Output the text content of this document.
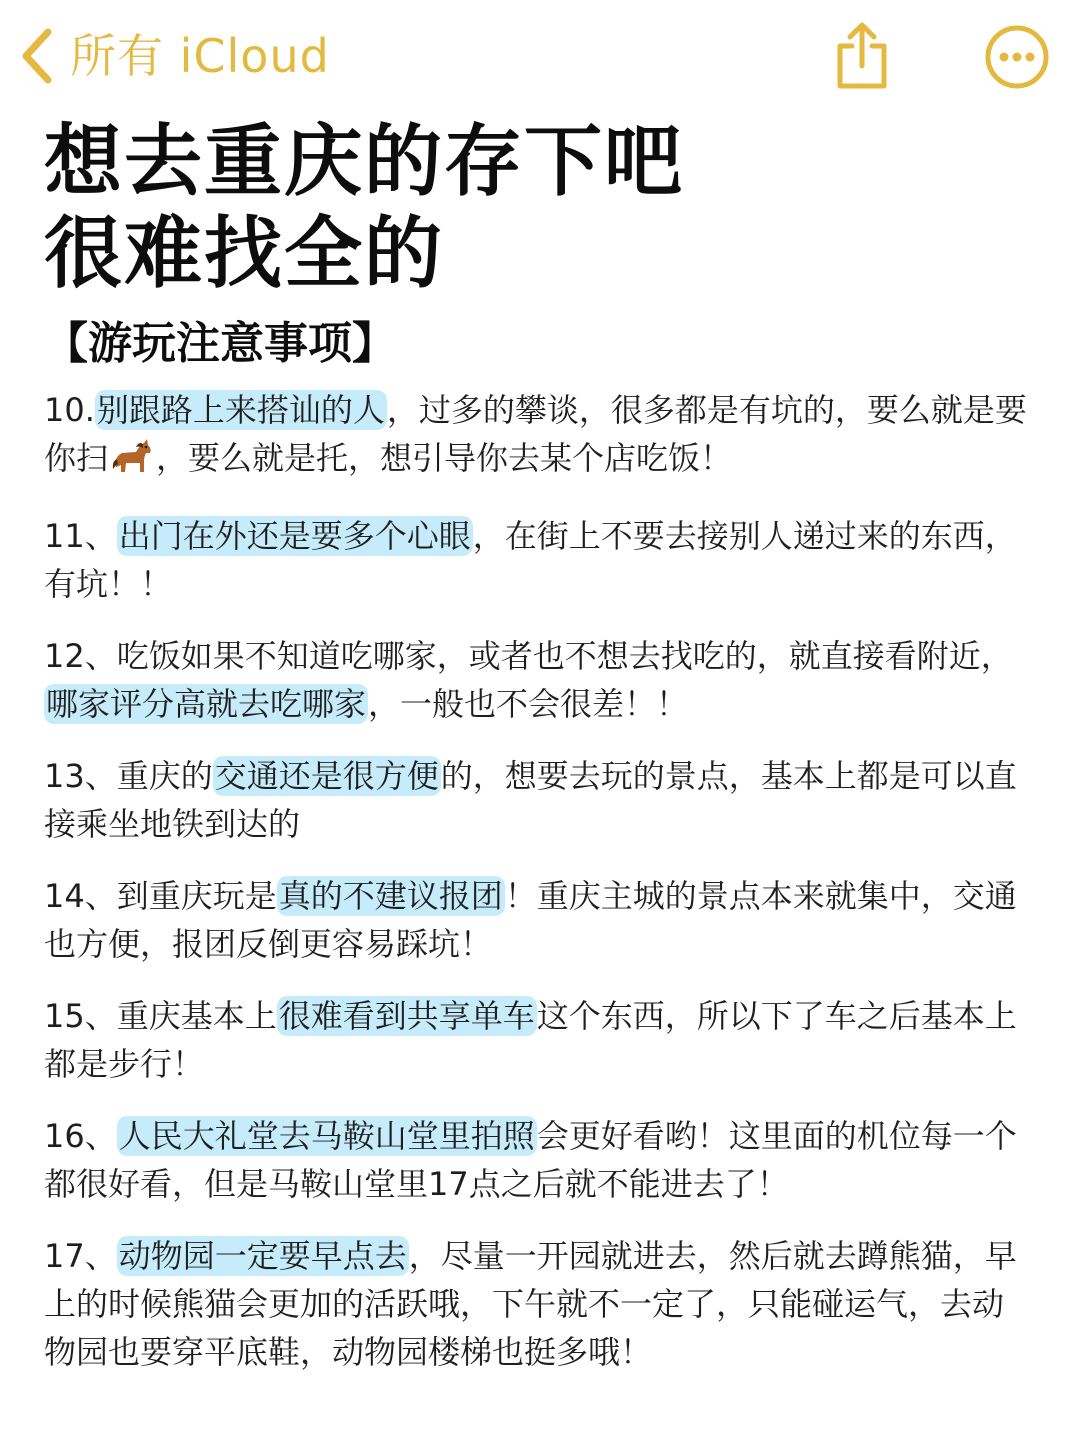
所有 iCloud
想去重庆的存下吧
很难找全的
【游玩注意事项】

10.别跟路上来搭讪的人，过多的攀谈，很多都是有坑的，要么就是要你扫 ，要么就是托，想引导你去某个店吃饭！

11、出门在外还是要多个心眼，在街上不要去接别人递过来的东西，有坑！！

12、吃饭如果不知道吃哪家，或者也不想去找吃的，就直接看附近，哪家评分高就去吃哪家，一般也不会很差！！

13、重庆的交通还是很方便的，想要去玩的景点，基本上都是可以直接乘坐地铁到达的

14、到重庆玩是真的不建议报团！重庆主城的景点本来就集中，交通也方便，报团反倒更容易踩坑！

15、重庆基本上很难看到共享单车这个东西，所以下了车之后基本上都是步行！

16、人民大礼堂去马鞍山堂里拍照会更好看哟！这里面的机位每一个都很好看，但是马鞍山堂里17点之后就不能进去了！

17、动物园一定要早点去，尽量一开园就进去，然后就去蹲熊猫，早上的时候熊猫会更加的活跃哦，下午就不一定了，只能碰运气，去动物园也要穿平底鞋，动物园楼梯也挺多哦！
